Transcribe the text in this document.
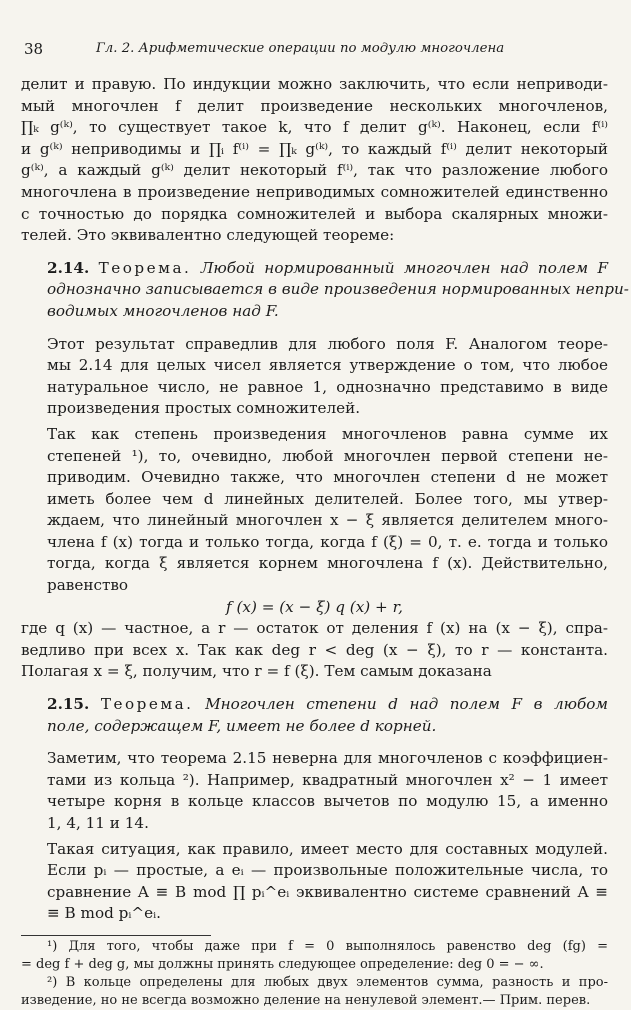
38	Гл. 2. Арифметические операции по модулю многочлена

делит и правую. По индукции можно заключить, что если неприводи-
мый многочлен f делит произведение нескольких многочленов,
∏ₖ g⁽ᵏ⁾, то существует такое k, что f делит g⁽ᵏ⁾. Наконец, если f⁽ⁱ⁾
и g⁽ᵏ⁾ неприводимы и ∏ᵢ f⁽ⁱ⁾ = ∏ₖ g⁽ᵏ⁾, то каждый f⁽ⁱ⁾ делит некоторый
g⁽ᵏ⁾, а каждый g⁽ᵏ⁾ делит некоторый f⁽ⁱ⁾, так что разложение любого
многочлена в произведение неприводимых сомножителей единственно
с точностью до порядка сомножителей и выбора скалярных множи-
телей. Это эквивалентно следующей теореме:

2.14. Теорема. Любой нормированный многочлен над полем F
однозначно записывается в виде произведения нормированных непри-
водимых многочленов над F.

Этот результат справедлив для любого поля F. Аналогом теоре-
мы 2.14 для целых чисел является утверждение о том, что любое
натуральное число, не равное 1, однозначно представимо в виде
произведения простых сомножителей.

Так как степень произведения многочленов равна сумме их
степеней ¹), то, очевидно, любой многочлен первой степени не-
приводим. Очевидно также, что многочлен степени d не может
иметь более чем d линейных делителей. Более того, мы утвер-
ждаем, что линейный многочлен x − ξ является делителем много-
члена f (x) тогда и только тогда, когда f (ξ) = 0, т. е. тогда и только
тогда, когда ξ является корнем многочлена f (x). Действительно,
равенство

f (x) = (x − ξ) q (x) + r,

где q (x) — частное, а r — остаток от деления f (x) на (x − ξ), спра-
ведливо при всех x. Так как deg r < deg (x − ξ), то r — константа.
Полагая x = ξ, получим, что r = f (ξ). Тем самым доказана

2.15. Теорема. Многочлен степени d над полем F в любом
поле, содержащем F, имеет не более d корней.

Заметим, что теорема 2.15 неверна для многочленов с коэффициен-
тами из кольца ²). Например, квадратный многочлен x² − 1 имеет
четыре корня в кольце классов вычетов по модулю 15, а именно
1, 4, 11 и 14.

Такая ситуация, как правило, имеет место для составных модулей.
Если pᵢ — простые, а eᵢ — произвольные положительные числа, то
сравнение A ≡ B mod ∏ pᵢ^eᵢ эквивалентно системе сравнений A ≡
≡ B mod pᵢ^eᵢ.

¹) Для того, чтобы даже при f = 0 выполнялось равенство deg (fg) =
= deg f + deg g, мы должны принять следующее определение: deg 0 = − ∞.
²) В кольце определены для любых двух элементов сумма, разность и про-
изведение, но не всегда возможно деление на ненулевой элемент.— Прим. перев.
